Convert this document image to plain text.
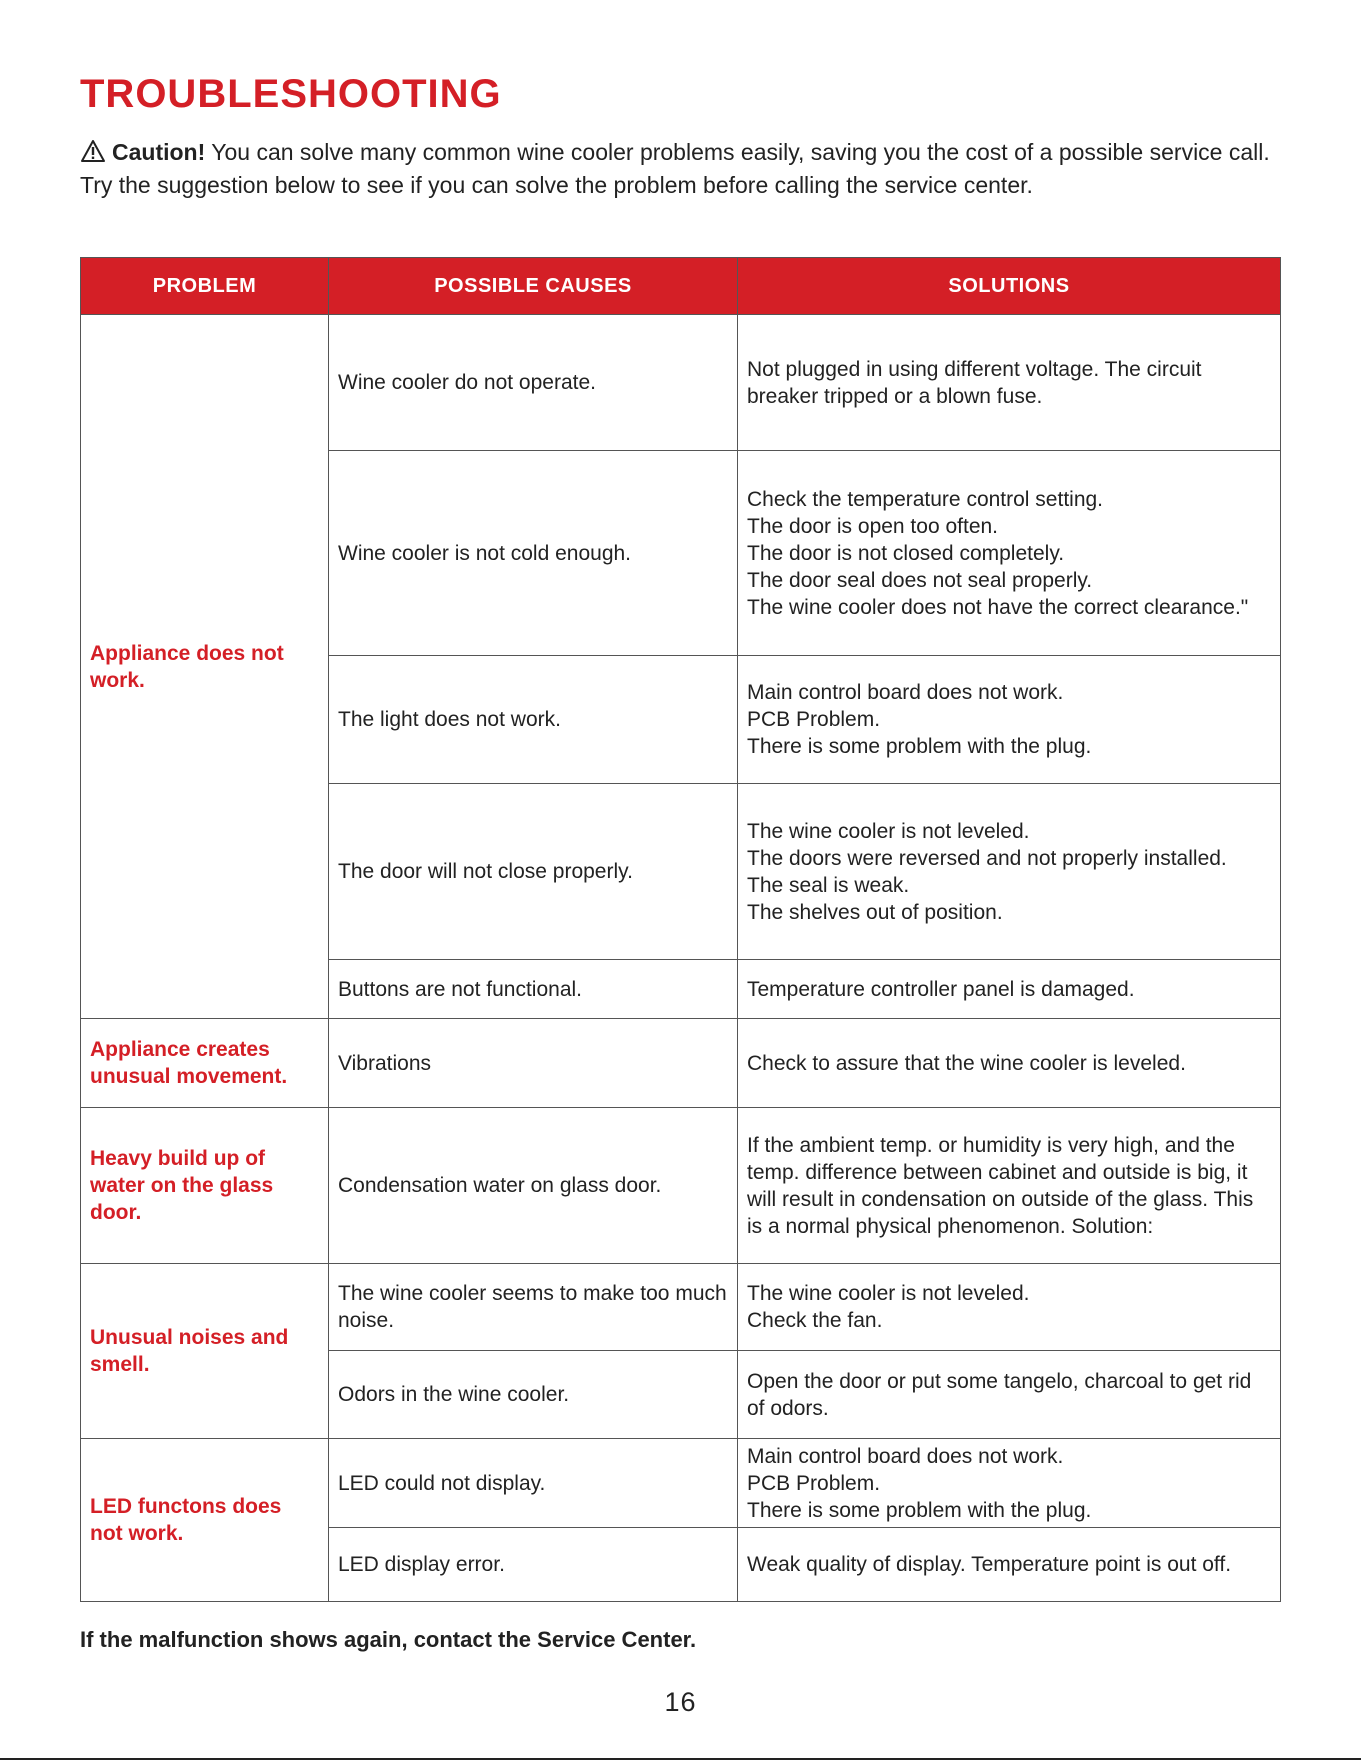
TROUBLESHOOTING
Caution! You can solve many common wine cooler problems easily, saving you the cost of a possible service call. Try the suggestion below to see if you can solve the problem before calling the service center.
PROBLEM	POSSIBLE CAUSES	SOLUTIONS
Appliance does not work.	Wine cooler do not operate.	Not plugged in using different voltage. The circuit breaker tripped or a blown fuse.

	Wine cooler is not cold enough.	Check the temperature control setting.
The door is open too often.
The door is not closed completely.
The door seal does not seal properly.
The wine cooler does not have the correct clearance."

	The light does not work.	Main control board does not work.
PCB Problem.
There is some problem with the plug.

	The door will not close properly.	The wine cooler is not leveled.
The doors were reversed and not properly installed.
The seal is weak.
The shelves out of position.

	Buttons are not functional.	Temperature controller panel is damaged.

Appliance creates unusual movement.	Vibrations	Check to assure that the wine cooler is leveled.

Heavy build up of water on the glass door.	Condensation water on glass door.	If the ambient temp. or humidity is very high, and the temp. difference between cabinet and outside is big, it will result in condensation on outside of the glass. This is a normal physical phenomenon. Solution:

Unusual noises and smell.	The wine cooler seems to make too much noise.	The wine cooler is not leveled.
Check the fan.

	Odors in the wine cooler.	Open the door or put some tangelo, charcoal to get rid of odors.

LED functons does not work.	LED could not display.	Main control board does not work.
PCB Problem.
There is some problem with the plug.

	LED display error.	Weak quality of display. Temperature point is out off.
If the malfunction shows again, contact the Service Center.
16
